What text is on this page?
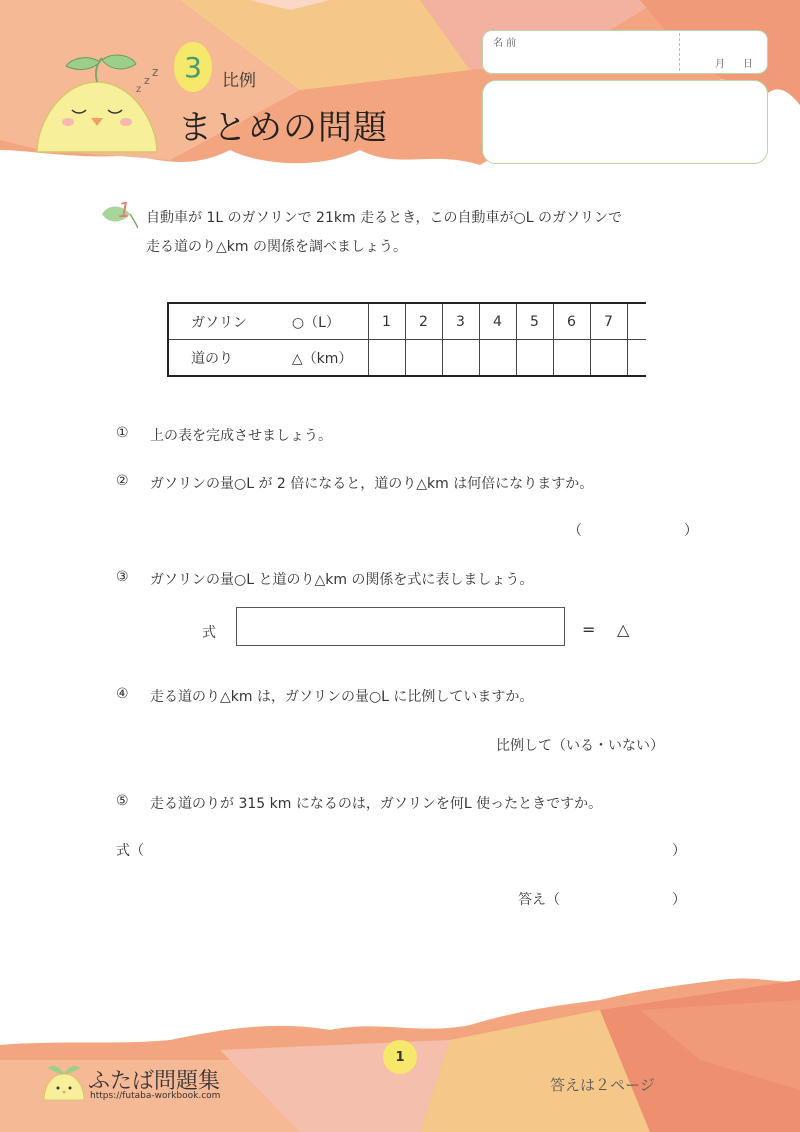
z
z
z 3	比例
まとめの問題
名 前
月 日
1 自動車が 1L のガソリンで 21km 走るとき，この自動車が○L のガソリンで
走る道のり△km の関係を調べましょう。
ガソリン ○（L）	1	2	3	4	5	6	7	
道のり △（km）								
① 上の表を完成させましょう。
② ガソリンの量○L が 2 倍になると，道のり△km は何倍になりますか。
（	）
③ ガソリンの量○L と道のり△km の関係を式に表しましょう。
式	= △
④ 走る道のり△km は，ガソリンの量○L に比例していますか。
比例して（いる・いない）
⑤ 走る道のりが 315 km になるのは，ガソリンを何L 使ったときですか。
式（	）
答え（	）
1
ふたば問題集
https://futaba-workbook.com
答えは２ページ
